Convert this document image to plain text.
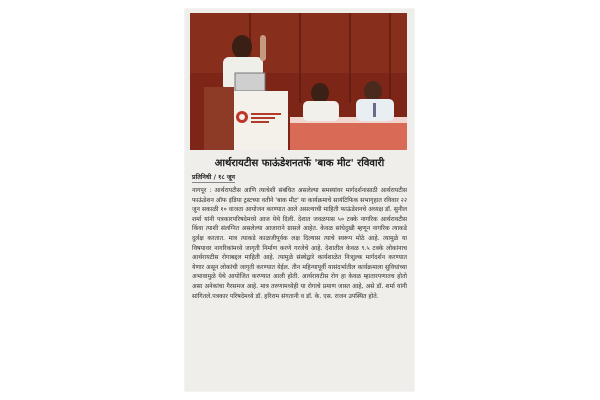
आर्थरायटीस फाऊंडेशनतर्फे 'बाक मीट' रविवारी
प्रतिनिधी / १८ जून

नागपूर : आर्थरायटीस आणि त्याचेशी संबंधित असलेल्या समस्यांवर मार्गदर्शनासाठी आर्थरायटीस फाऊंडेशन ऑफ इंडिया ट्रस्टच्या वतीने 'बाक मीट' या कार्यक्रमाचे सायंटिफिक सभागृहात रविवार २२ जून सकाळी १० वाजता आयोजन करण्यात आले असल्याची माहिती फाऊंडेशनचे अध्यक्ष डॉ. सुनील शर्मा यांनी पत्रकारपरिषदेमध्ये आज येथे दिली. देशात जवळपास ५० टक्के नागरिक आर्थरायटीस किंवा त्याशी संलग्नित असलेल्या आजाराने ग्रासले आहेत. केवळ सांधेदुखी म्हणून नागरिक त्याकडे दुर्लक्ष करतात. मात्र त्याकडे काळजीपूर्वक लक्ष दिल्यास त्याचे स्वरूप मोठे आहे. त्यामुळे या विषयावर नागरिकांमध्ये जागृती निर्माण करणे गरजेचे आहे. देशातील केवळ ९.५ टक्के लोकांनाच आर्थरायटीस रोगाबद्दल माहिती आहे. त्यामुळे संस्थेद्वारे कार्यशाळेत निःशुल्क मार्गदर्शन करण्यात येणार असून लोकांची जागृती करण्यात येईल. तीन महिन्यापूर्वी यासंदर्भातील कार्यक्रमाला सुविधांच्या अभावामुळे येथे आयोजित करण्यात आली होती. आर्थरायटीस रोग हा केवळ म्हातारपणातच होतो असा अनेकांचा गैरसमज आहे. मात्र तरुणामध्येही या रोगाचे प्रमाण जास्त आहे, असे डॉ. शर्मा यांनी सांगितले.पत्रकार परिषदेमध्ये डॉ. हरिराम संगतानी व डॉ. के. एस. राजन उपस्थित होते.
